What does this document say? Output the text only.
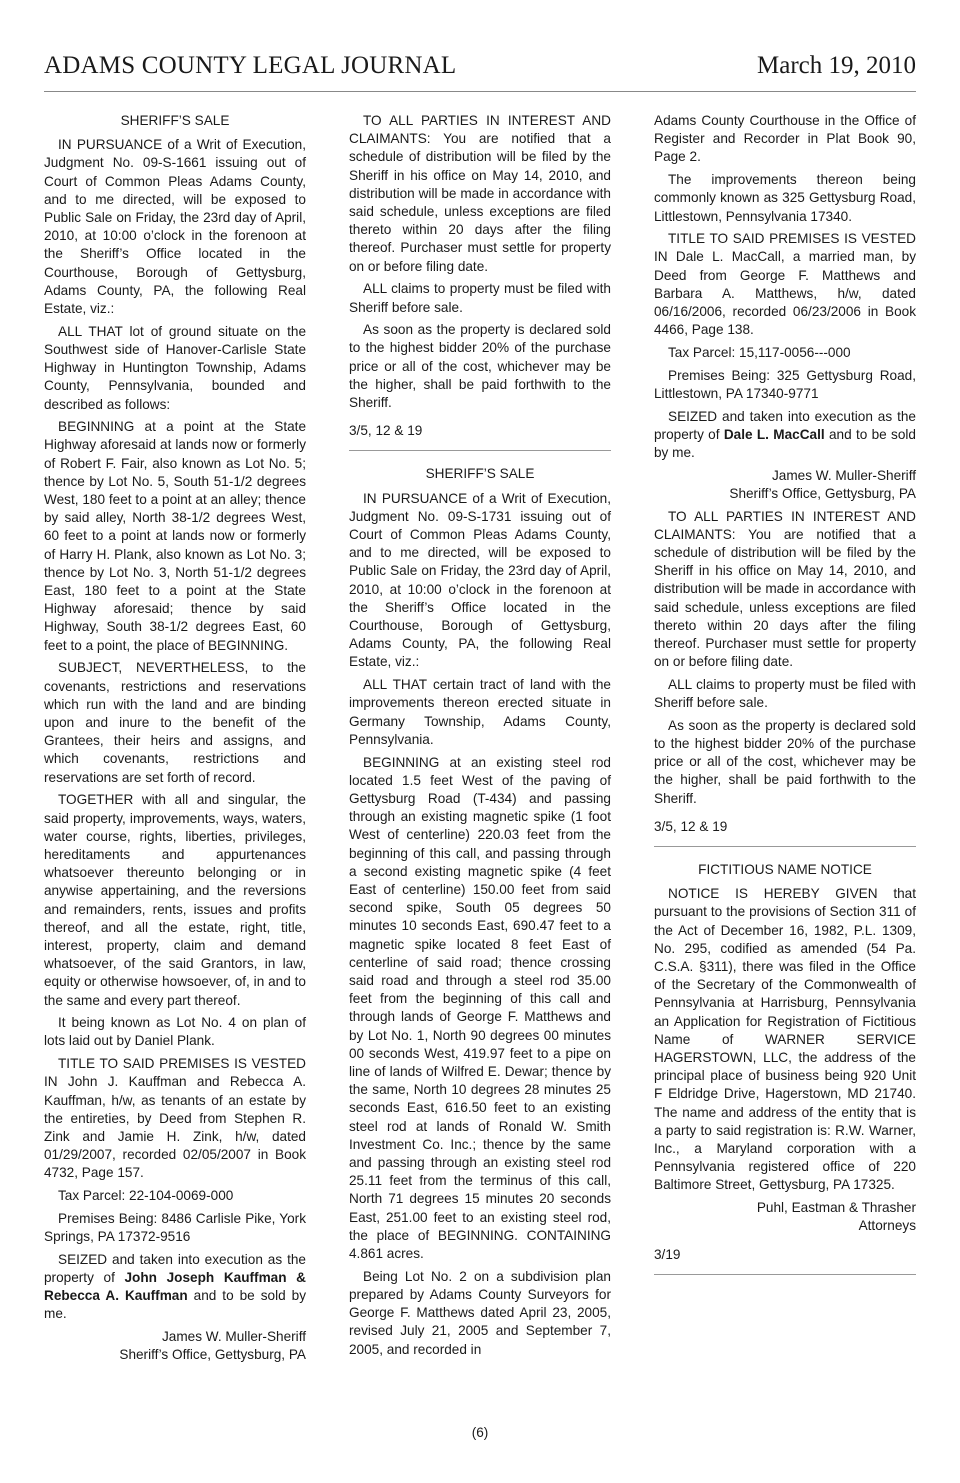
ADAMS COUNTY LEGAL JOURNAL	March 19, 2010
SHERIFF’S SALE

IN PURSUANCE of a Writ of Execution, Judgment No. 09-S-1661 issuing out of Court of Common Pleas Adams County, and to me directed, will be exposed to Public Sale on Friday, the 23rd day of April, 2010, at 10:00 o’clock in the forenoon at the Sheriff’s Office located in the Courthouse, Borough of Gettysburg, Adams County, PA, the following Real Estate, viz.:

ALL THAT lot of ground situate on the Southwest side of Hanover-Carlisle State Highway in Huntington Township, Adams County, Pennsylvania, bounded and described as follows:

BEGINNING at a point at the State Highway aforesaid at lands now or formerly of Robert F. Fair, also known as Lot No. 5; thence by Lot No. 5, South 51-1/2 degrees West, 180 feet to a point at an alley; thence by said alley, North 38-1/2 degrees West, 60 feet to a point at lands now or formerly of Harry H. Plank, also known as Lot No. 3; thence by Lot No. 3, North 51-1/2 degrees East, 180 feet to a point at the State Highway aforesaid; thence by said Highway, South 38-1/2 degrees East, 60 feet to a point, the place of BEGINNING.

SUBJECT, NEVERTHELESS, to the covenants, restrictions and reservations which run with the land and are binding upon and inure to the benefit of the Grantees, their heirs and assigns, and which covenants, restrictions and reservations are set forth of record.

TOGETHER with all and singular, the said property, improvements, ways, waters, water course, rights, liberties, privileges, hereditaments and appurtenances whatsoever thereunto belonging or in anywise appertaining, and the reversions and remainders, rents, issues and profits thereof, and all the estate, right, title, interest, property, claim and demand whatsoever, of the said Grantors, in law, equity or otherwise howsoever, of, in and to the same and every part thereof.

It being known as Lot No. 4 on plan of lots laid out by Daniel Plank.

TITLE TO SAID PREMISES IS VESTED IN John J. Kauffman and Rebecca A. Kauffman, h/w, as tenants of an estate by the entireties, by Deed from Stephen R. Zink and Jamie H. Zink, h/w, dated 01/29/2007, recorded 02/05/2007 in Book 4732, Page 157.

Tax Parcel: 22-104-0069-000

Premises Being: 8486 Carlisle Pike, York Springs, PA 17372-9516

SEIZED and taken into execution as the property of John Joseph Kauffman & Rebecca A. Kauffman and to be sold by me.

James W. Muller-Sheriff

Sheriff’s Office, Gettysburg, PA

TO ALL PARTIES IN INTEREST AND CLAIMANTS: You are notified that a schedule of distribution will be filed by the Sheriff in his office on May 14, 2010, and distribution will be made in accordance with said schedule, unless exceptions are filed thereto within 20 days after the filing thereof. Purchaser must settle for property on or before filing date.

ALL claims to property must be filed with Sheriff before sale.

As soon as the property is declared sold to the highest bidder 20% of the purchase price or all of the cost, whichever may be the higher, shall be paid forthwith to the Sheriff.

3/5, 12 & 19

SHERIFF’S SALE

IN PURSUANCE of a Writ of Execution, Judgment No. 09-S-1731 issuing out of Court of Common Pleas Adams County, and to me directed, will be exposed to Public Sale on Friday, the 23rd day of April, 2010, at 10:00 o’clock in the forenoon at the Sheriff’s Office located in the Courthouse, Borough of Gettysburg, Adams County, PA, the following Real Estate, viz.:

ALL THAT certain tract of land with the improvements thereon erected situate in Germany Township, Adams County, Pennsylvania.

BEGINNING at an existing steel rod located 1.5 feet West of the paving of Gettysburg Road (T-434) and passing through an existing magnetic spike (1 foot West of centerline) 220.03 feet from the beginning of this call, and passing through a second existing magnetic spike (4 feet East of centerline) 150.00 feet from said second spike, South 05 degrees 50 minutes 10 seconds East, 690.47 feet to a magnetic spike located 8 feet East of centerline of said road; thence crossing said road and through a steel rod 35.00 feet from the beginning of this call and through lands of George F. Matthews and by Lot No. 1, North 90 degrees 00 minutes 00 seconds West, 419.97 feet to a pipe on line of lands of Wilfred E. Dewar; thence by the same, North 10 degrees 28 minutes 25 seconds East, 616.50 feet to an existing steel rod at lands of Ronald W. Smith Investment Co. Inc.; thence by the same and passing through an existing steel rod 25.11 feet from the terminus of this call, North 71 degrees 15 minutes 20 seconds East, 251.00 feet to an existing steel rod, the place of BEGINNING. CONTAINING 4.861 acres.

Being Lot No. 2 on a subdivision plan prepared by Adams County Surveyors for George F. Matthews dated April 23, 2005, revised July 21, 2005 and September 7, 2005, and recorded in

Adams County Courthouse in the Office of Register and Recorder in Plat Book 90, Page 2.

The improvements thereon being commonly known as 325 Gettysburg Road, Littlestown, Pennsylvania 17340.

TITLE TO SAID PREMISES IS VESTED IN Dale L. MacCall, a married man, by Deed from George F. Matthews and Barbara A. Matthews, h/w, dated 06/16/2006, recorded 06/23/2006 in Book 4466, Page 138.

Tax Parcel: 15,117-0056---000

Premises Being: 325 Gettysburg Road, Littlestown, PA 17340-9771

SEIZED and taken into execution as the property of Dale L. MacCall and to be sold by me.

James W. Muller-Sheriff

Sheriff’s Office, Gettysburg, PA

TO ALL PARTIES IN INTEREST AND CLAIMANTS: You are notified that a schedule of distribution will be filed by the Sheriff in his office on May 14, 2010, and distribution will be made in accordance with said schedule, unless exceptions are filed thereto within 20 days after the filing thereof. Purchaser must settle for property on or before filing date.

ALL claims to property must be filed with Sheriff before sale.

As soon as the property is declared sold to the highest bidder 20% of the purchase price or all of the cost, whichever may be the higher, shall be paid forthwith to the Sheriff.

3/5, 12 & 19

FICTITIOUS NAME NOTICE

NOTICE IS HEREBY GIVEN that pursuant to the provisions of Section 311 of the Act of December 16, 1982, P.L. 1309, No. 295, codified as amended (54 Pa. C.S.A. §311), there was filed in the Office of the Secretary of the Commonwealth of Pennsylvania at Harrisburg, Pennsylvania an Application for Registration of Fictitious Name of WARNER SERVICE HAGERSTOWN, LLC, the address of the principal place of business being 920 Unit F Eldridge Drive, Hagerstown, MD 21740. The name and address of the entity that is a party to said registration is: R.W. Warner, Inc., a Maryland corporation with a Pennsylvania registered office of 220 Baltimore Street, Gettysburg, PA 17325.

Puhl, Eastman & Thrasher

Attorneys

3/19

(6)
